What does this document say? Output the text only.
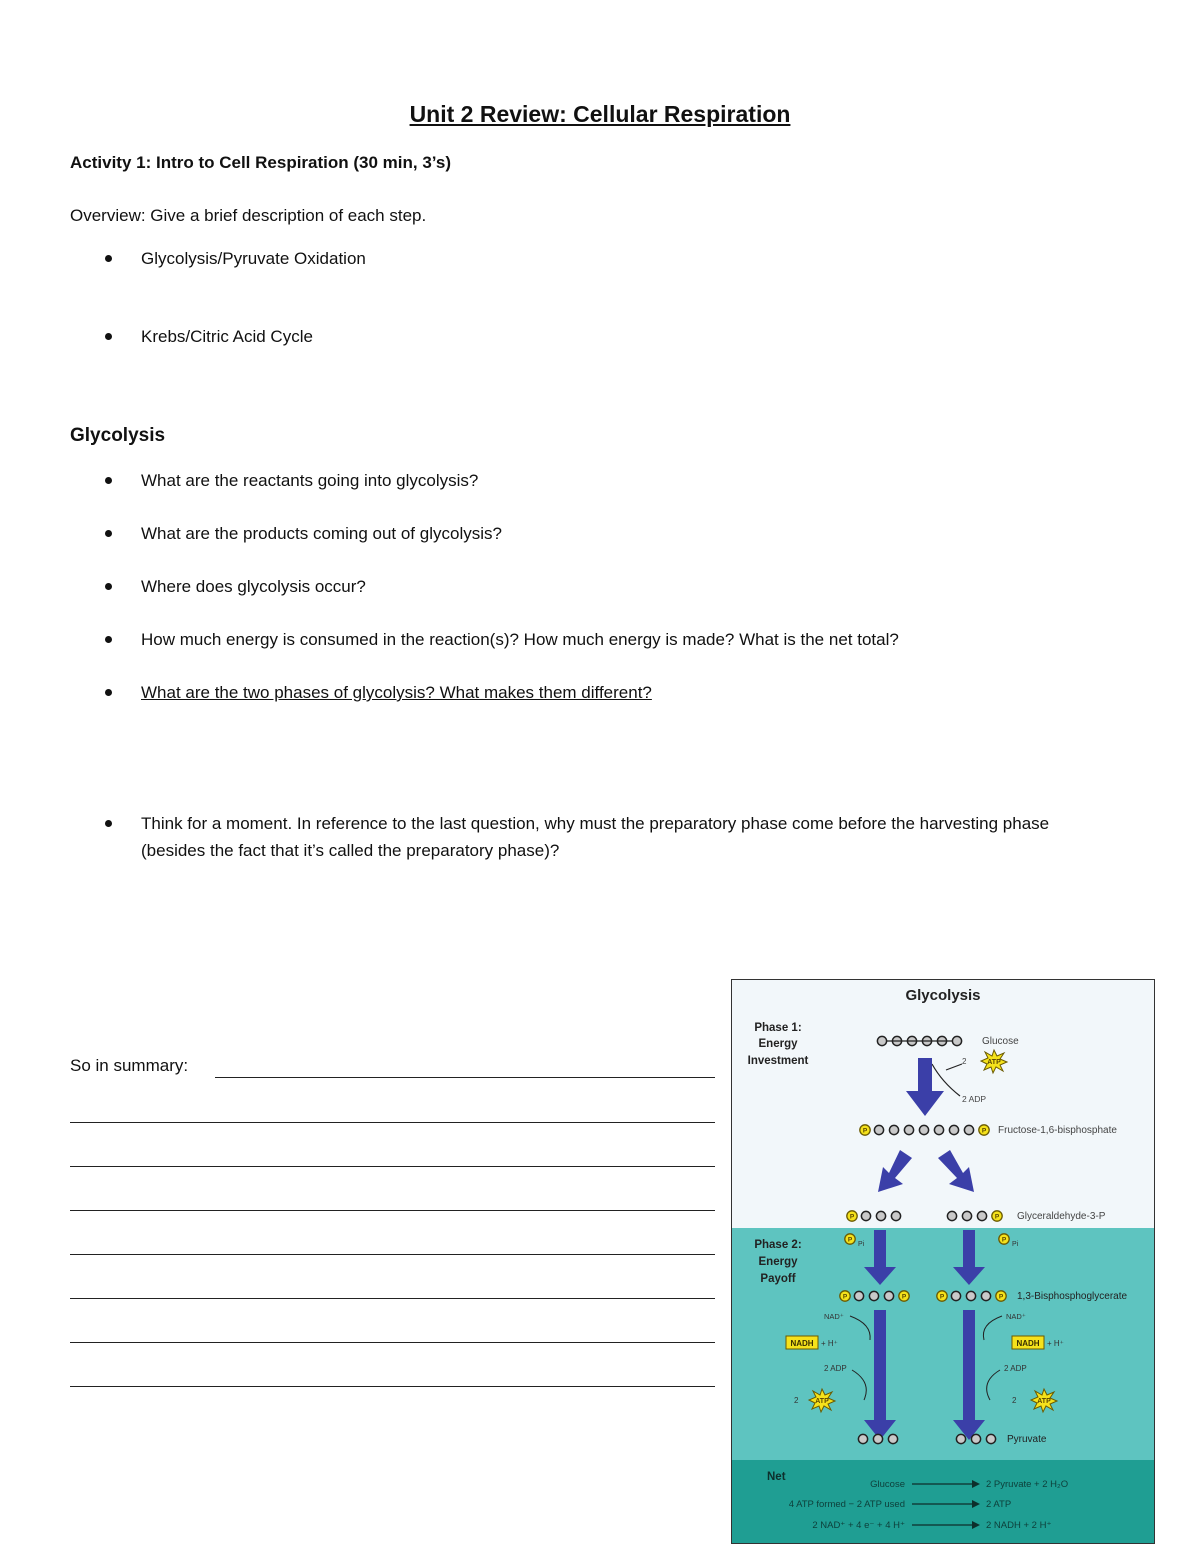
Unit 2 Review: Cellular Respiration
Activity 1: Intro to Cell Respiration (30 min, 3’s)
Overview: Give a brief description of each step.
Glycolysis/Pyruvate Oxidation
Krebs/Citric Acid Cycle
Glycolysis
What are the reactants going into glycolysis?
What are the products coming out of glycolysis?
Where does glycolysis occur?
How much energy is consumed in the reaction(s)? How much energy is made? What is the net total?
What are the two phases of glycolysis? What makes them different?
Think for a moment. In reference to the last question, why must the preparatory phase come before the harvesting phase (besides the fact that it’s called the preparatory phase)?
So in summary:
Glycolysis
Phase 1:
Energy
Investment
Glucose
2
2 ADP
Fructose-1,6-bisphosphate
Glyceraldehyde-3-P
Phase 2:
Energy
Payoff
Pi	Pi
1,3-Bisphosphoglycerate
NAD⁺	NAD⁺
NADH + H⁺	NADH + H⁺
2 ADP	2 ADP
2	2
Pyruvate
Net
Glucose	2 Pyruvate + 2 H₂O
4 ATP formed − 2 ATP used	2 ATP
2 NAD⁺ + 4 e⁻ + 4 H⁺	2 NADH + 2 H⁺
